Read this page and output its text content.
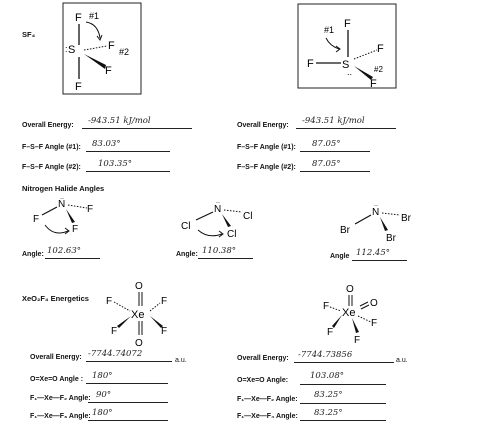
SF₄
F #1
S
:	F #2
F
F
F
#1
F	S
..
F
F
#2
Overall Energy: -943.51 kJ/mol
F–S–F Angle (#1): 83.03°
F–S–F Angle (#2): 103.35°
Overall Energy: -943.51 kJ/mol
F–S–F Angle (#1): 87.05°
F–S–F Angle (#2): 87.05°
Nitrogen Halide Angles
N
..
F
F
F
Angle: 102.63°
N
..
Cl
Cl
Cl
Angle: 110.38°
N
..
Br
Br
Br
Angle 112.45°
XeO₂F₄ Energetics
O
Xe
O
F	F
F	F
O
Xe
O
F
F
F
F
Overall Energy: -7744.74072
a.u.
O=Xe=O Angle : 180°
F₁—Xe—F₂ Angle: 90°
F₁—Xe—F₃ Angle: 180°
Overall Energy: -7744.73856
a.u.
O=Xe=O Angle:	103.08°
F₁—Xe—F₂ Angle: 83.25°
F₁—Xe—F₄ Angle: 83.25°
